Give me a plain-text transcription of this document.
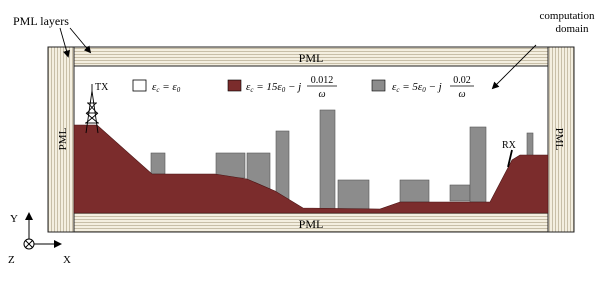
TX
RX
PML
PML
PML	PML
PML layers	computation
domain
εc = ε0	εc = 15ε0 − j
0.012
ω
εc = 5ε0 − j
0.02
ω
Y
X
Z
